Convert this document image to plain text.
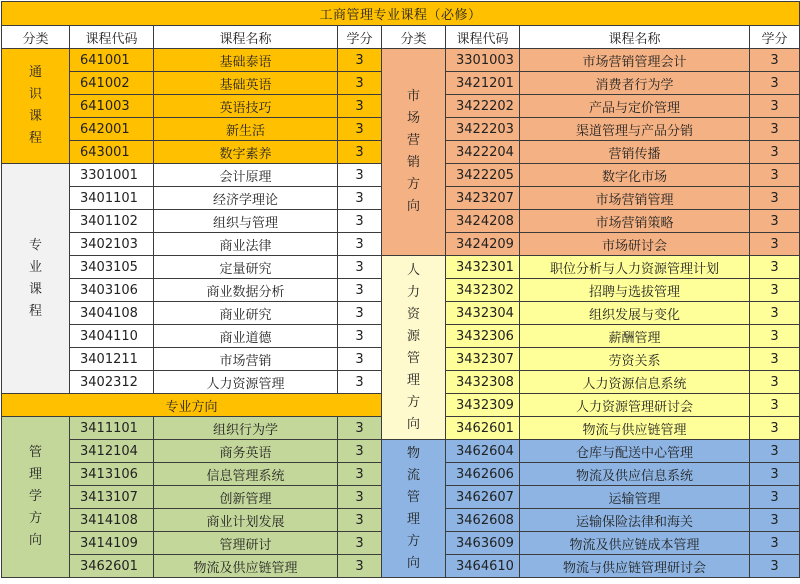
工商管理专业课程（必修）							
分类	课程代码	课程名称	学分	分类	课程代码	课程名称	学分
通识课程	641001	基础泰语	3	市场营销方向	3301003	市场营销管理会计	3
	641002	基础英语	3		3421201	消费者行为学	3
	641003	英语技巧	3		3422202	产品与定价管理	3
	642001	新生活	3		3422203	渠道管理与产品分销	3
	643001	数字素养	3		3422204	营销传播	3
专业课程	3301001	会计原理	3		3422205	数字化市场	3
	3401101	经济学理论	3		3423207	市场营销管理	3
	3401102	组织与管理	3		3424208	市场营销策略	3
	3402103	商业法律	3		3424209	市场研讨会	3
	3403105	定量研究	3	人力资源管理方向	3432301	职位分析与人力资源管理计划	3
	3403106	商业数据分析	3		3432302	招聘与选拔管理	3
	3404108	商业研究	3		3432304	组织发展与变化	3
	3404110	商业道德	3		3432306	薪酬管理	3
	3401211	市场营销	3		3432307	劳资关系	3
	3402312	人力资源管理	3		3432308	人力资源信息系统	3
专业方向					3432309	人力资源管理研讨会	3
管理学方向	3411101	组织行为学	3		3462601	物流与供应链管理	3
	3412104	商务英语	3	物流管理方向	3462604	仓库与配送中心管理	3
	3413106	信息管理系统	3		3462606	物流及供应信息系统	3
	3413107	创新管理	3		3462607	运输管理	3
	3414108	商业计划发展	3		3462608	运输保险法律和海关	3
	3414109	管理研讨	3		3463609	物流及供应链成本管理	3
	3462601	物流及供应链管理	3		3464610	物流与供应链管理研讨会	3
